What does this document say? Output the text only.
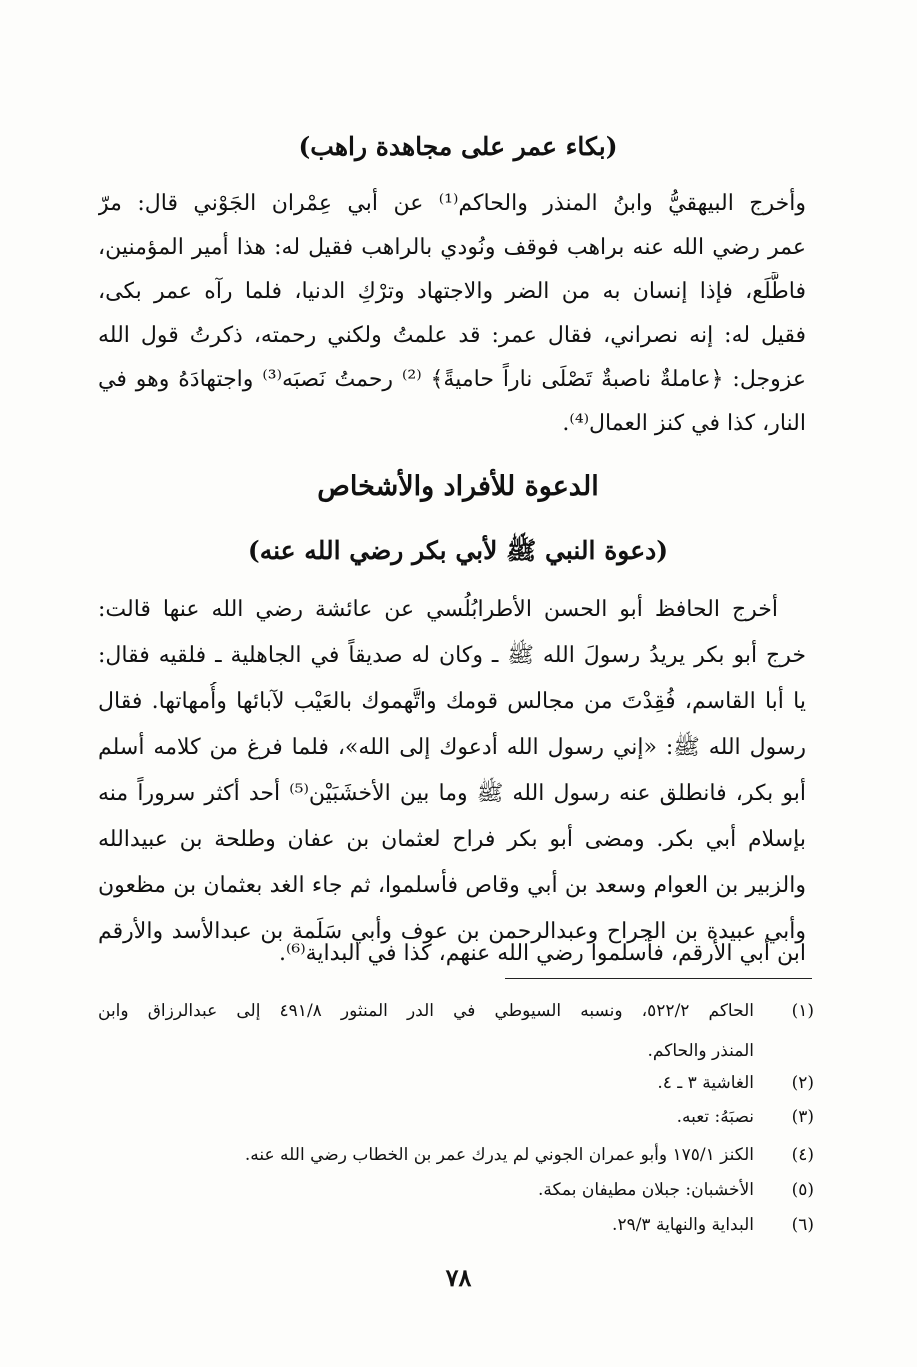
(بكاء عمر على مجاهدة راهب)

وأخرج البيهقيُّ وابنُ المنذر والحاكم⁽¹⁾ عن أبي عِمْران الجَوْني قال: مرّ

عمر رضي الله عنه براهب فوقف ونُودي بالراهب فقيل له: هذا أمير المؤمنين،

فاطَّلَع، فإذا إنسان به من الضر والاجتهاد وترْكِ الدنيا، فلما رآه عمر بكى،

فقيل له: إنه نصراني، فقال عمر: قد علمتُ ولكني رحمته، ذكرتُ قول الله

عزوجل: ﴿عاملةٌ ناصبةٌ تَصْلَى ناراً حاميةً﴾ ⁽²⁾ رحمتُ نَصبَه⁽³⁾ واجتهادَهُ وهو في

النار، كذا في كنز العمال⁽⁴⁾.

الدعوة للأفراد والأشخاص
(دعوة النبي ﷺ لأبي بكر رضي الله عنه)

أخرج الحافظ أبو الحسن الأطرابُلُسي عن عائشة رضي الله عنها قالت:

خرج أبو بكر يريدُ رسولَ الله ﷺ ـ وكان له صديقاً في الجاهلية ـ فلقيه فقال:

يا أبا القاسم، فُقِدْتَ من مجالس قومك واتَّهموك بالعَيْب لآبائها وأُمهاتها. فقال

رسول الله ﷺ: «إني رسول الله أدعوك إلى الله»، فلما فرغ من كلامه أسلم

أبو بكر، فانطلق عنه رسول الله ﷺ وما بين الأخشَبَيْن⁽⁵⁾ أحد أكثر سروراً منه

بإسلام أبي بكر. ومضى أبو بكر فراح لعثمان بن عفان وطلحة بن عبيدالله

والزبير بن العوام وسعد بن أبي وقاص فأسلموا، ثم جاء الغد بعثمان بن مظعون

وأبي عبيدة بن الجراح وعبدالرحمن بن عوف وأبي سَلَمة بن عبدالأسد والأرقم

ابن أبي الأرقم، فأسلموا رضي الله عنهم، كذا في البداية⁽⁶⁾.

(١)
الحاكم ٥٢٢/٢، ونسبه السيوطي في الدر المنثور ٤٩١/٨ إلى عبدالرزاق وابن
المنذر والحاكم.
(٢)
الغاشية ٣ ـ ٤.
(٣)
نصبَهُ: تعبه.
(٤)
الكنز ١٧٥/١ وأبو عمران الجوني لم يدرك عمر بن الخطاب رضي الله عنه.
(٥)
الأخشبان: جبلان مطيفان بمكة.
(٦)
البداية والنهاية ٢٩/٣.
٧٨
